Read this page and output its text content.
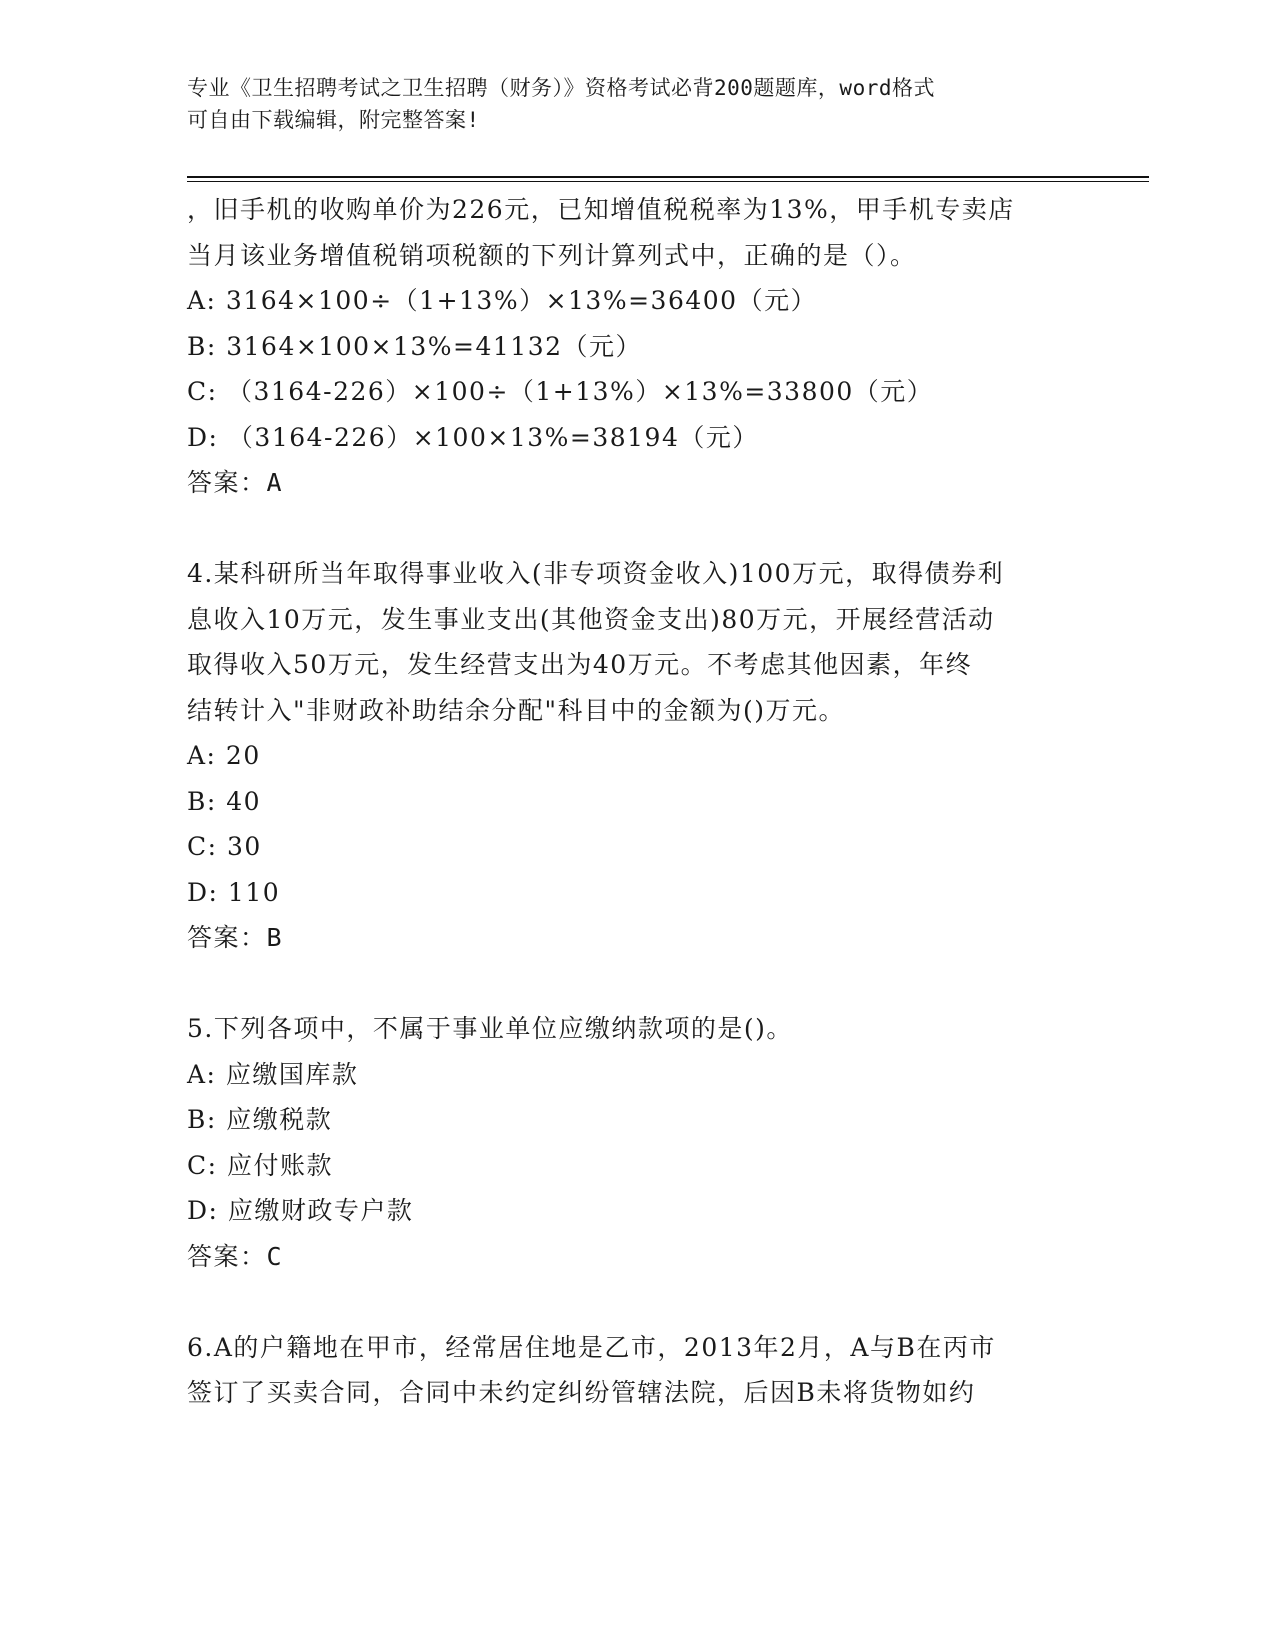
专业《卫生招聘考试之卫生招聘（财务）》资格考试必背200题题库，word格式
可自由下载编辑，附完整答案!
，旧手机的收购单价为226元，已知增值税税率为13%，甲手机专卖店
当月该业务增值税销项税额的下列计算列式中，正确的是（）。
A: 3164×100÷（1+13%）×13%=36400（元）
B: 3164×100×13%=41132（元）
C: （3164-226）×100÷（1+13%）×13%=33800（元）
D: （3164-226）×100×13%=38194（元）
答案：A
4.某科研所当年取得事业收入(非专项资金收入)100万元，取得债券利
息收入10万元，发生事业支出(其他资金支出)80万元，开展经营活动
取得收入50万元，发生经营支出为40万元。不考虑其他因素，年终
结转计入"非财政补助结余分配"科目中的金额为()万元。
A: 20
B: 40
C: 30
D: 110
答案：B
5.下列各项中，不属于事业单位应缴纳款项的是()。
A: 应缴国库款
B: 应缴税款
C: 应付账款
D: 应缴财政专户款
答案：C
6.A的户籍地在甲市，经常居住地是乙市，2013年2月，A与B在丙市
签订了买卖合同，合同中未约定纠纷管辖法院，后因B未将货物如约
